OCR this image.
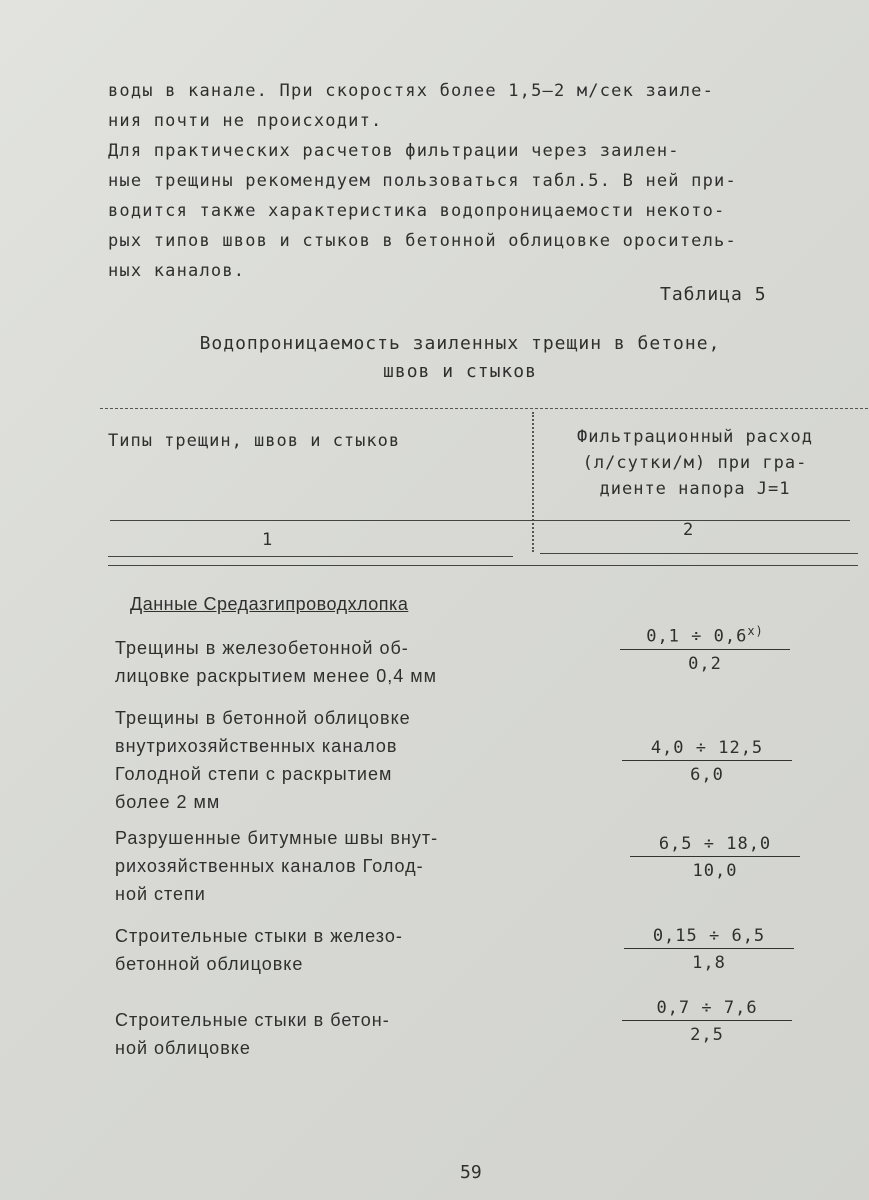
воды в канале. При скоростях более 1,5–2 м/сек заиле-
ния почти не происходит.
Для практических расчетов фильтрации через заилен-
ные трещины рекомендуем пользоваться табл.5. В ней при-
водится также характеристика водопроницаемости некото-
рых типов швов и стыков в бетонной облицовке ороситель-
ных каналов.
Таблица 5
Водопроницаемость заиленных трещин в бетоне,
швов и стыков
Типы трещин, швов и стыков	Фильтрационный расход
(л/сутки/м) при гра-
диенте напора J=1
1	2
Данные Средазгипроводхлопка
Трещины в железобетонной об-
лицовке раскрытием менее 0,4 мм
$\frac{0,1 \div 0,6^{x)}}{0,2}$
Трещины в бетонной облицовке
внутрихозяйственных каналов
Голодной степи с раскрытием
более 2 мм
$\frac{4,0 \div 12,5}{6,0}$
Разрушенные битумные швы внут-
рихозяйственных каналов Голод-
ной степи
$\frac{6,5 \div 18,0}{10,0}$
Строительные стыки в железо-
бетонной облицовке	$\frac{0,15 \div 6,5}{1,8}$
Строительные стыки в бетон-
ной облицовке
$\frac{0,7 \div 7,6}{2,5}$
59
